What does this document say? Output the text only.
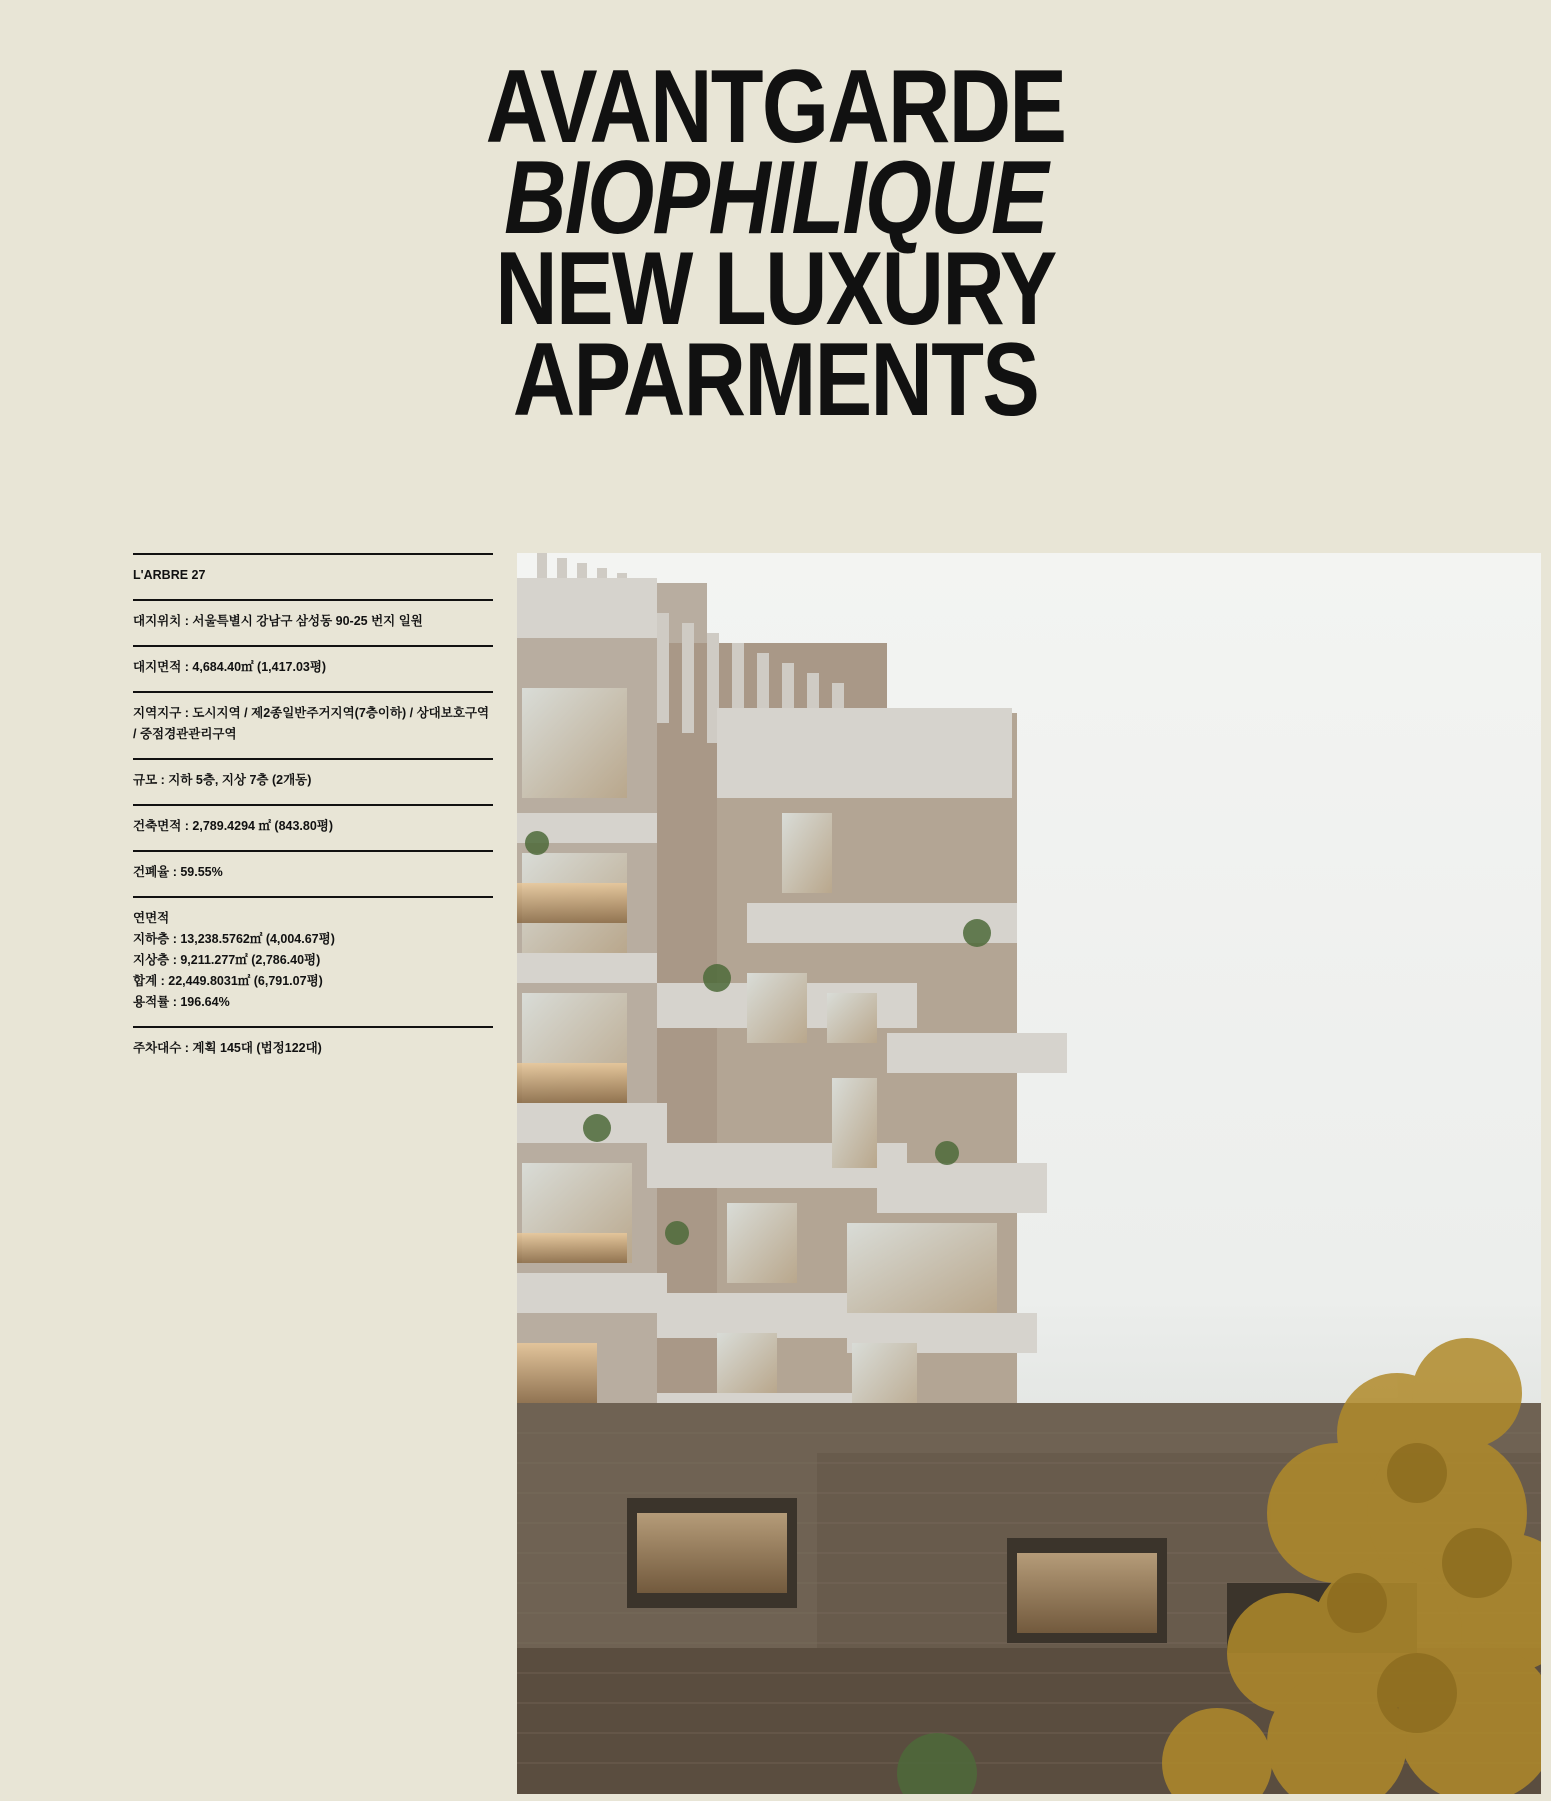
AVANTGARDE
BIOPHILIQUE
NEW LUXURY
APARMENTS
L'ARBRE 27
대지위치 : 서울특별시 강남구 삼성동 90-25 번지 일원
대지면적 : 4,684.40㎡ (1,417.03평)
지역지구 : 도시지역 / 제2종일반주거지역(7층이하) / 상대보호구역 / 중점경관관리구역
규모 : 지하 5층, 지상 7층 (2개동)
건축면적 : 2,789.4294 ㎡ (843.80평)
건폐율 : 59.55%
연면적
지하층 : 13,238.5762㎡ (4,004.67평)
지상층 : 9,211.277㎡ (2,786.40평)
합계 : 22,449.8031㎡ (6,791.07평)
용적률 : 196.64%
주차대수 : 계획 145대 (법정122대)
